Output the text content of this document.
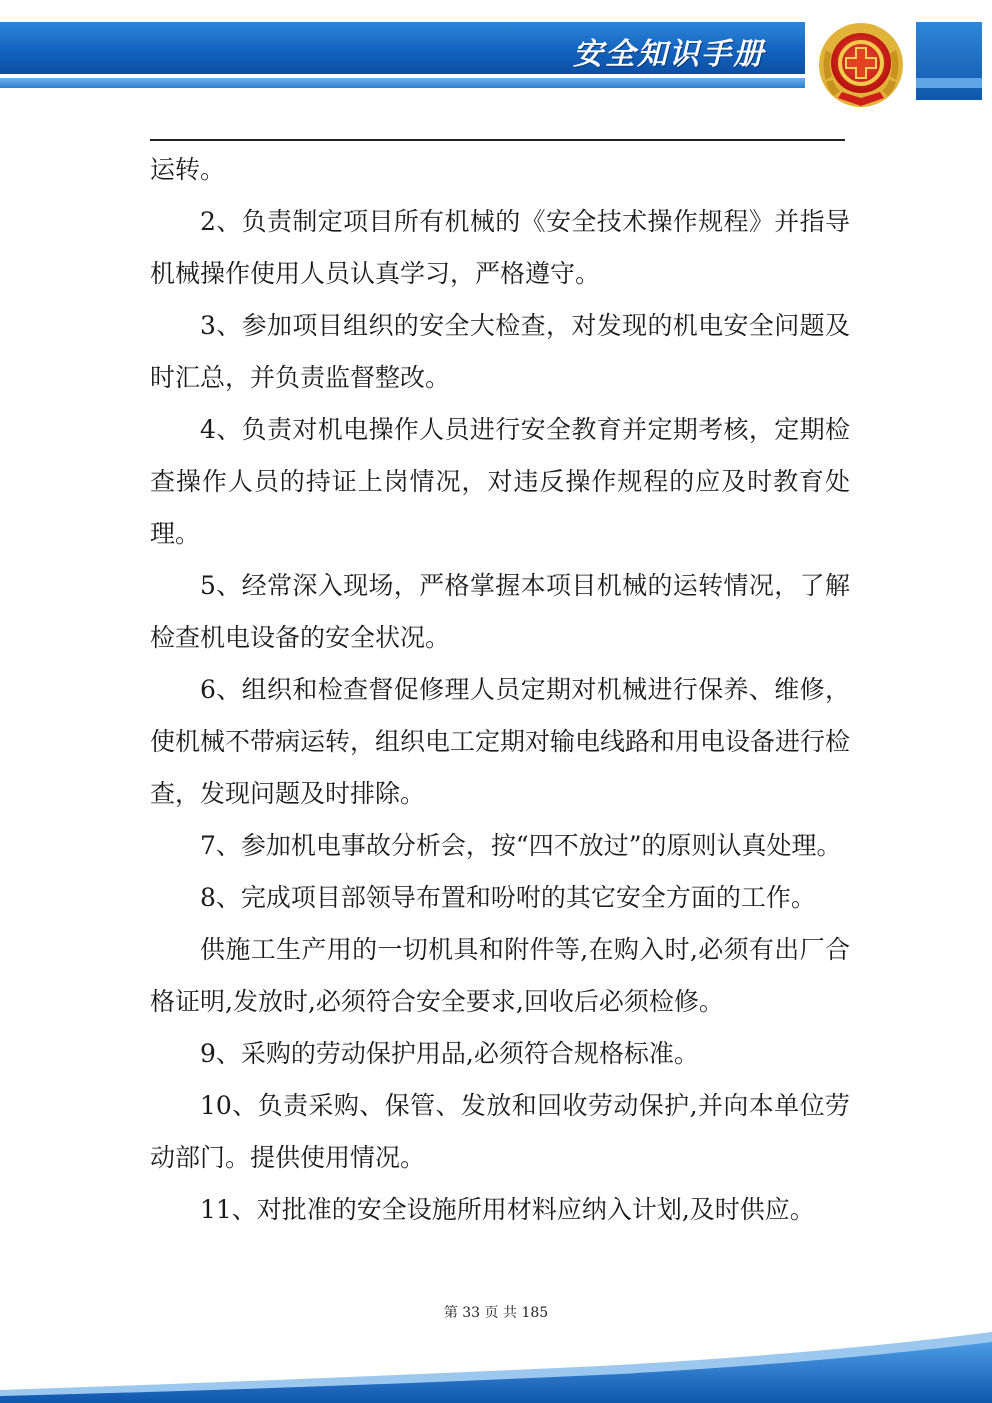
安全知识手册

运转。

2、负责制定项目所有机械的《安全技术操作规程》并指导机械操作使用人员认真学习，严格遵守。

3、参加项目组织的安全大检查，对发现的机电安全问题及时汇总，并负责监督整改。

4、负责对机电操作人员进行安全教育并定期考核，定期检查操作人员的持证上岗情况，对违反操作规程的应及时教育处理。

5、经常深入现场，严格掌握本项目机械的运转情况，了解检查机电设备的安全状况。

6、组织和检查督促修理人员定期对机械进行保养、维修，使机械不带病运转，组织电工定期对输电线路和用电设备进行检查，发现问题及时排除。

7、参加机电事故分析会，按“四不放过”的原则认真处理。

8、完成项目部领导布置和吩咐的其它安全方面的工作。

供施工生产用的一切机具和附件等,在购入时,必须有出厂合格证明,发放时,必须符合安全要求,回收后必须检修。

9、采购的劳动保护用品,必须符合规格标准。

10、负责采购、保管、发放和回收劳动保护,并向本单位劳动部门。提供使用情况。

11、对批准的安全设施所用材料应纳入计划,及时供应。

第 33 页 共 185
